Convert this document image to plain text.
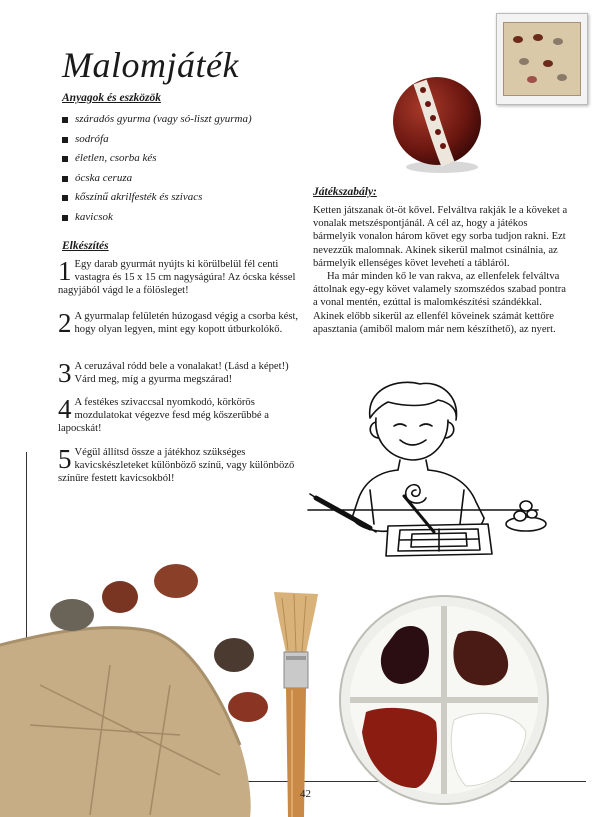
Malomjáték
Anyagok és eszközök
száradós gyurma (vagy só-liszt gyurma)
sodrófa
életlen, csorba kés
ócska ceruza
kőszínű akrilfesték és szivacs
kavicsok
Elkészítés
1 Egy darab gyurmát nyújts ki körülbelül fél centi vastagra és 15 x 15 cm nagyságúra! Az ócska késsel nagyjából vágd le a fölösleget!
2 A gyurmalap felületén húzogasd végig a csorba kést, hogy olyan legyen, mint egy kopott útburkolókő.
3 A ceruzával ródd bele a vonalakat! (Lásd a képet!) Várd meg, míg a gyurma megszárad!
4 A festékes szivaccsal nyomkodó, körkörös mozdulatokat végezve fesd még kőszerűbbé a lapocskát!
5 Végül állítsd össze a játékhoz szükséges kavicskészleteket különböző színű, vagy különböző színűre festett kavicsokból!
Játékszabály:

Ketten játszanak öt-öt kővel. Felváltva rakják le a köveket a vonalak metszéspontjánál. A cél az, hogy a játékos bármelyik vonalon három követ egy sorba tudjon rakni. Ezt nevezzük malomnak. Akinek sikerül malmot csinálnia, az bármelyik ellenséges követ levehetí a tábláról.

Ha már minden kő le van rakva, az ellenfelek felváltva áttolnak egy-egy követ valamely szomszédos szabad pontra a vonal mentén, ezúttal is malomkészítési szándékkal.

Akinek előbb sikerül az ellenfél köveinek számát kettőre apasztania (amiből malom már nem készíthető), az nyert.

42
